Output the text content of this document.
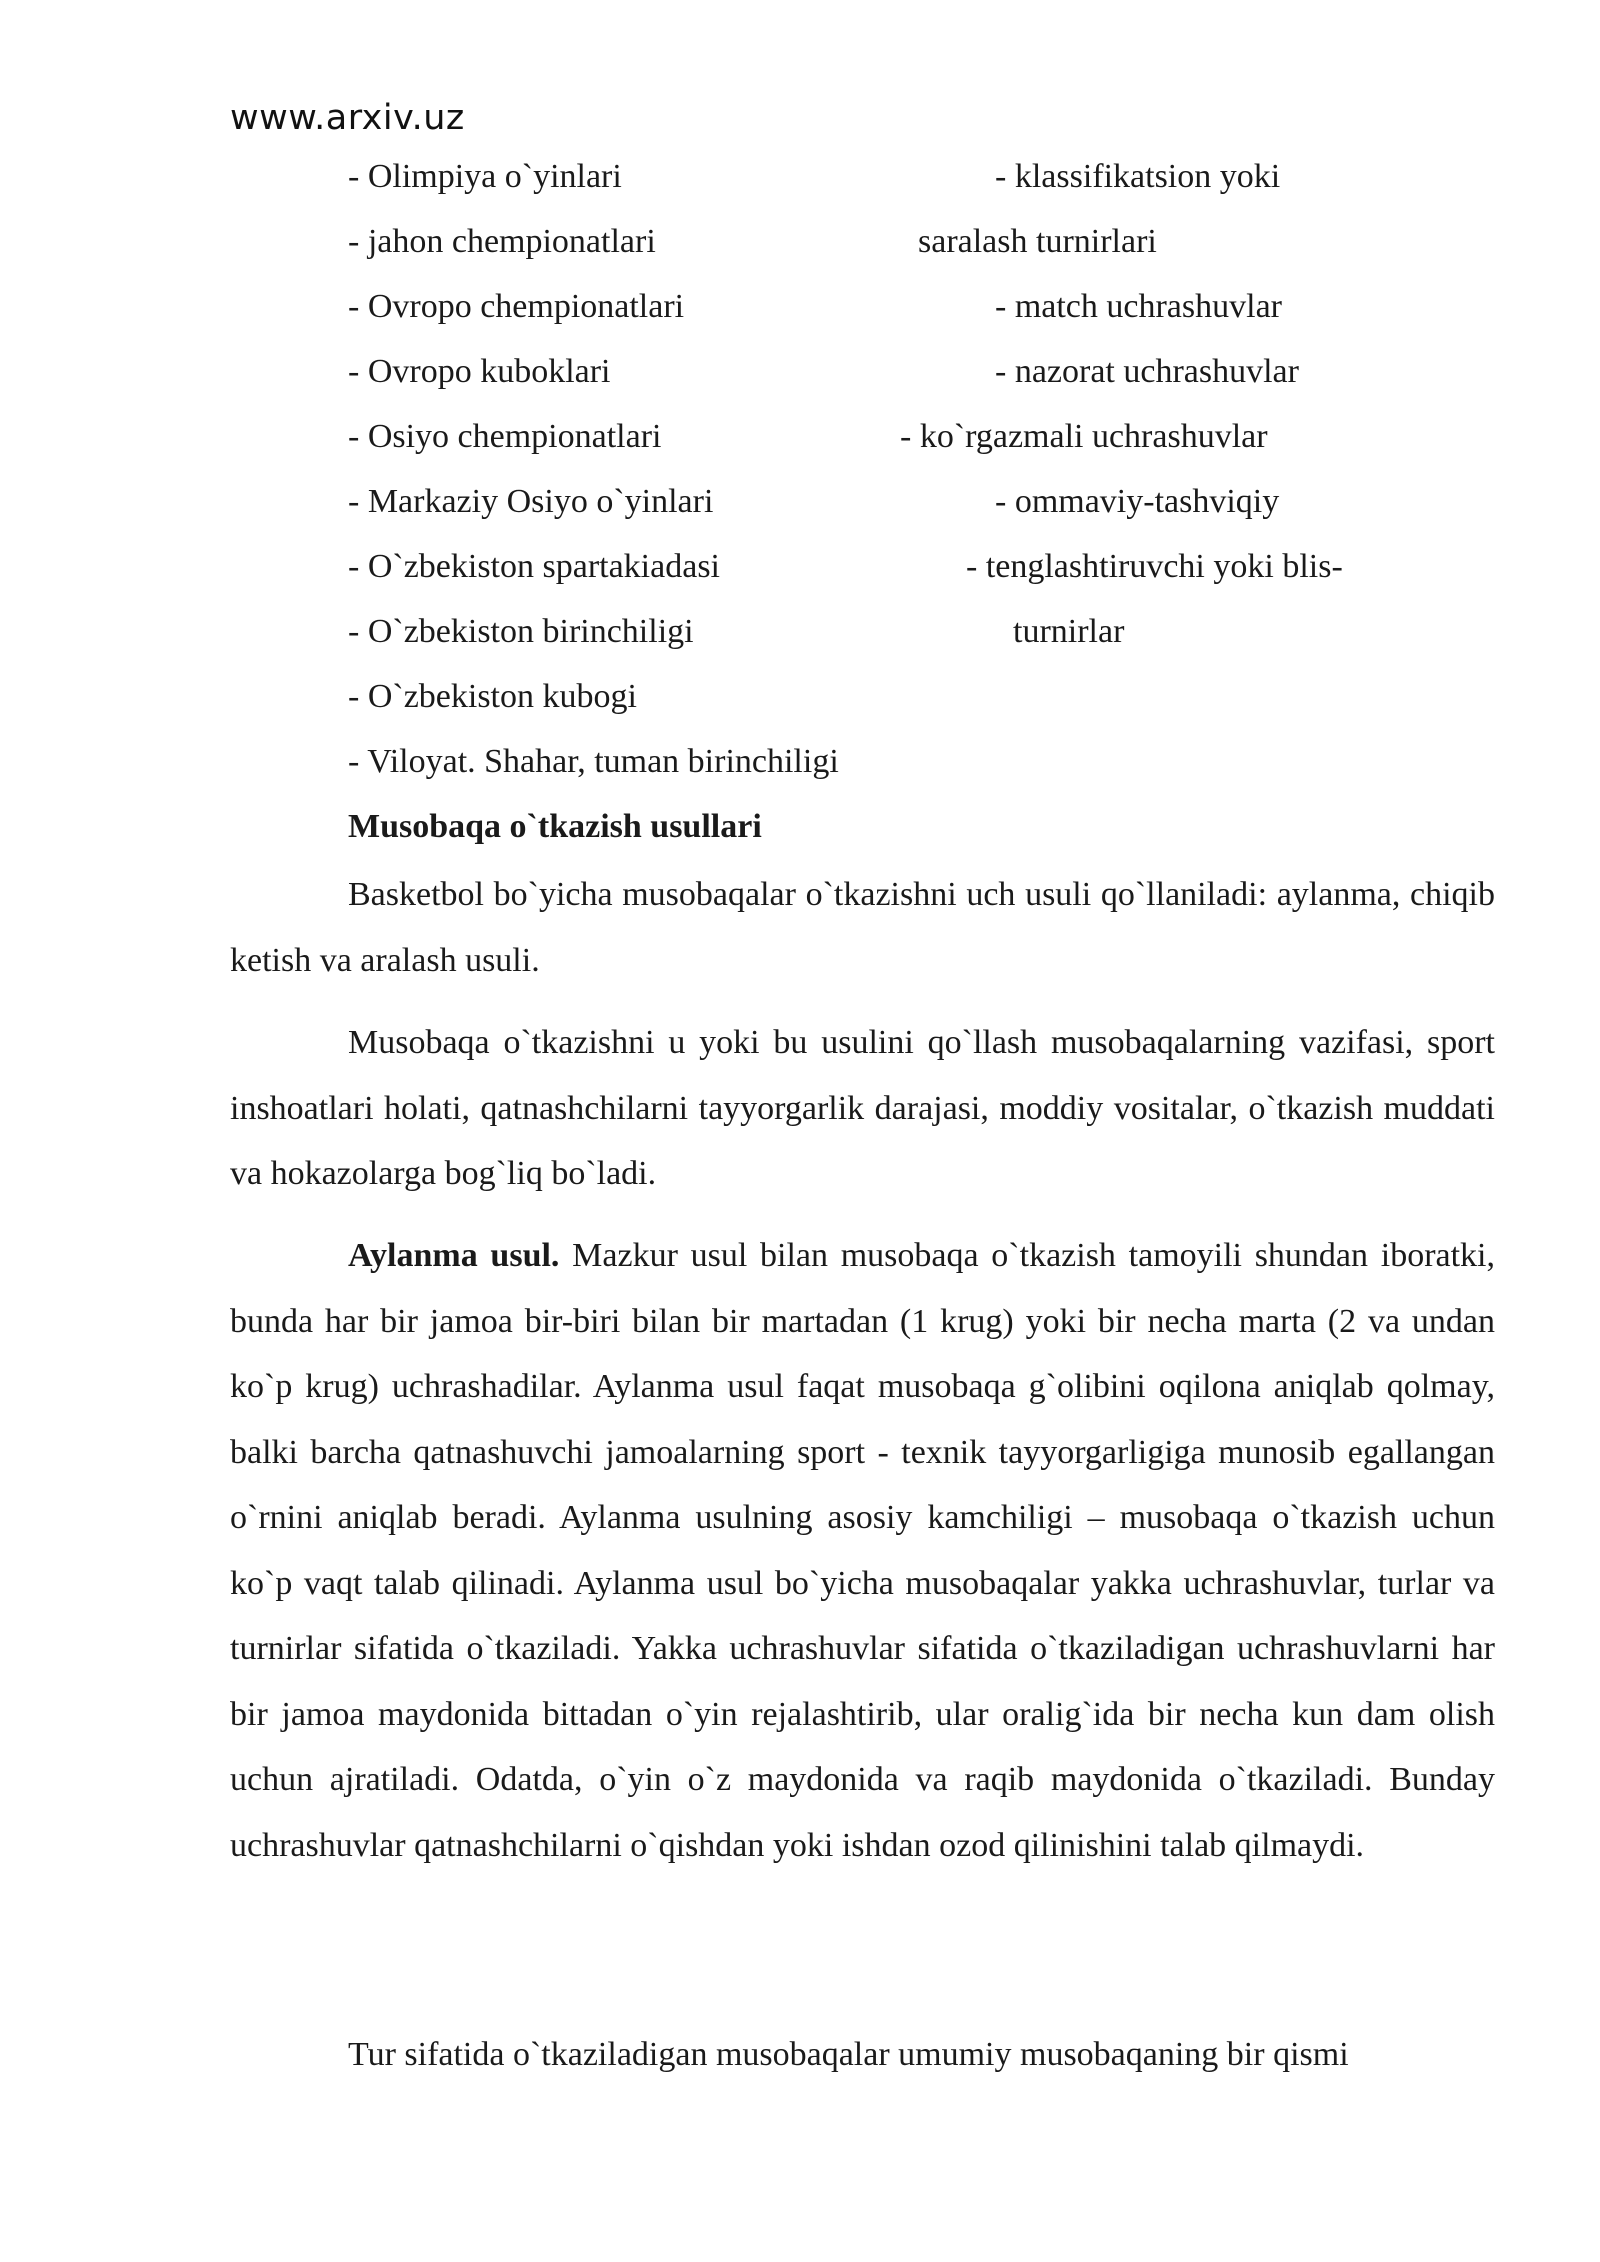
www.arxiv.uz
- Olimpiya o`yinlari
- jahon chempionatlari
- Ovropo chempionatlari
- Ovropo kuboklari
- Osiyo chempionatlari
- Markaziy Osiyo o`yinlari
- O`zbekiston spartakiadasi
- O`zbekiston birinchiligi
- O`zbekiston kubogi
- Viloyat. Shahar, tuman birinchiligi
- klassifikatsion yoki
saralash turnirlari
- match uchrashuvlar
- nazorat uchrashuvlar
- ko`rgazmali uchrashuvlar
- ommaviy-tashviqiy
- tenglashtiruvchi yoki blis-
turnirlar
Musobaqa o`tkazish usullari

Basketbol bo`yicha musobaqalar o`tkazishni uch usuli qo`llaniladi: aylanma, chiqib ketish va aralash usuli.

Musobaqa o`tkazishni u yoki bu usulini qo`llash musobaqalarning vazifasi, sport inshoatlari holati, qatnashchilarni tayyorgarlik darajasi, moddiy vositalar, o`tkazish muddati va hokazolarga bog`liq bo`ladi.

Aylanma usul. Mazkur usul bilan musobaqa o`tkazish tamoyili shundan iboratki, bunda har bir jamoa bir-biri bilan bir martadan (1 krug) yoki bir necha marta (2 va undan ko`p krug) uchrashadilar. Aylanma usul faqat musobaqa g`olibini oqilona aniqlab qolmay, balki barcha qatnashuvchi jamoalarning sport - texnik tayyorgarligiga munosib egallangan o`rnini aniqlab beradi. Aylanma usulning asosiy kamchiligi – musobaqa o`tkazish uchun ko`p vaqt talab qilinadi. Aylanma usul bo`yicha musobaqalar yakka uchrashuvlar, turlar va turnirlar sifatida o`tkaziladi. Yakka uchrashuvlar sifatida o`tkaziladigan uchrashuvlarni har bir jamoa maydonida bittadan o`yin rejalashtirib, ular oralig`ida bir necha kun dam olish uchun ajratiladi. Odatda, o`yin o`z maydonida va raqib maydonida o`tkaziladi. Bunday uchrashuvlar qatnashchilarni o`qishdan yoki ishdan ozod qilinishini talab qilmaydi.

Tur sifatida o`tkaziladigan musobaqalar umumiy musobaqaning bir qismi
